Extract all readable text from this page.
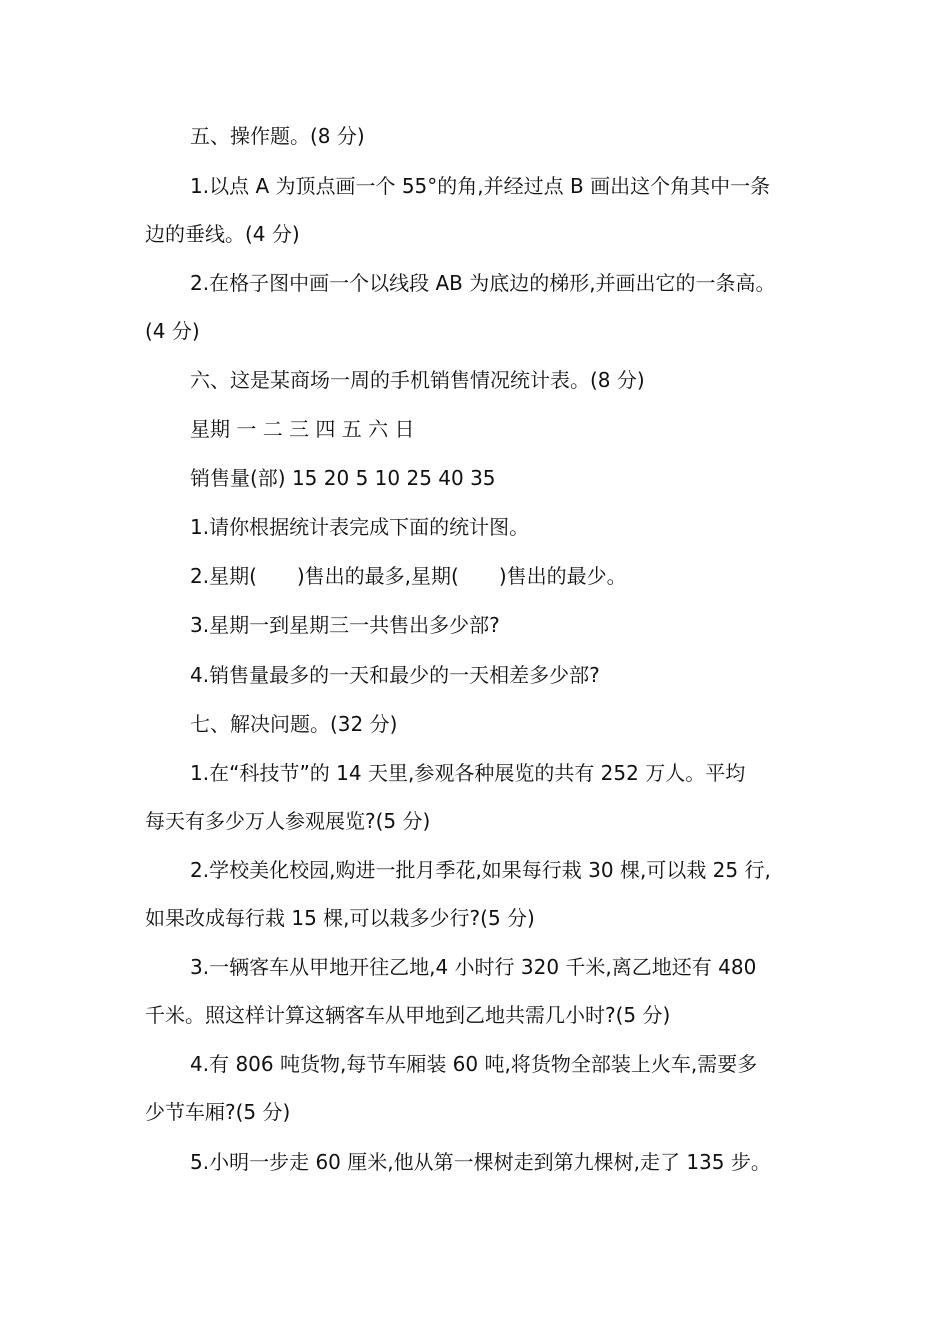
五、操作题。(8 分)
1.以点 A 为顶点画一个 55°的角,并经过点 B 画出这个角其中一条
边的垂线。(4 分)
2.在格子图中画一个以线段 AB 为底边的梯形,并画出它的一条高。
(4 分)
六、这是某商场一周的手机销售情况统计表。(8 分)
星期 一 二 三 四 五 六 日
销售量(部) 15 20 5 10 25 40 35
1.请你根据统计表完成下面的统计图。
2.星期(　　)售出的最多,星期(　　)售出的最少。
3.星期一到星期三一共售出多少部?
4.销售量最多的一天和最少的一天相差多少部?
七、解决问题。(32 分)
1.在“科技节”的 14 天里,参观各种展览的共有 252 万人。平均
每天有多少万人参观展览?(5 分)
2.学校美化校园,购进一批月季花,如果每行栽 30 棵,可以栽 25 行,
如果改成每行栽 15 棵,可以栽多少行?(5 分)
3.一辆客车从甲地开往乙地,4 小时行 320 千米,离乙地还有 480
千米。照这样计算这辆客车从甲地到乙地共需几小时?(5 分)
4.有 806 吨货物,每节车厢装 60 吨,将货物全部装上火车,需要多
少节车厢?(5 分)
5.小明一步走 60 厘米,他从第一棵树走到第九棵树,走了 135 步。
